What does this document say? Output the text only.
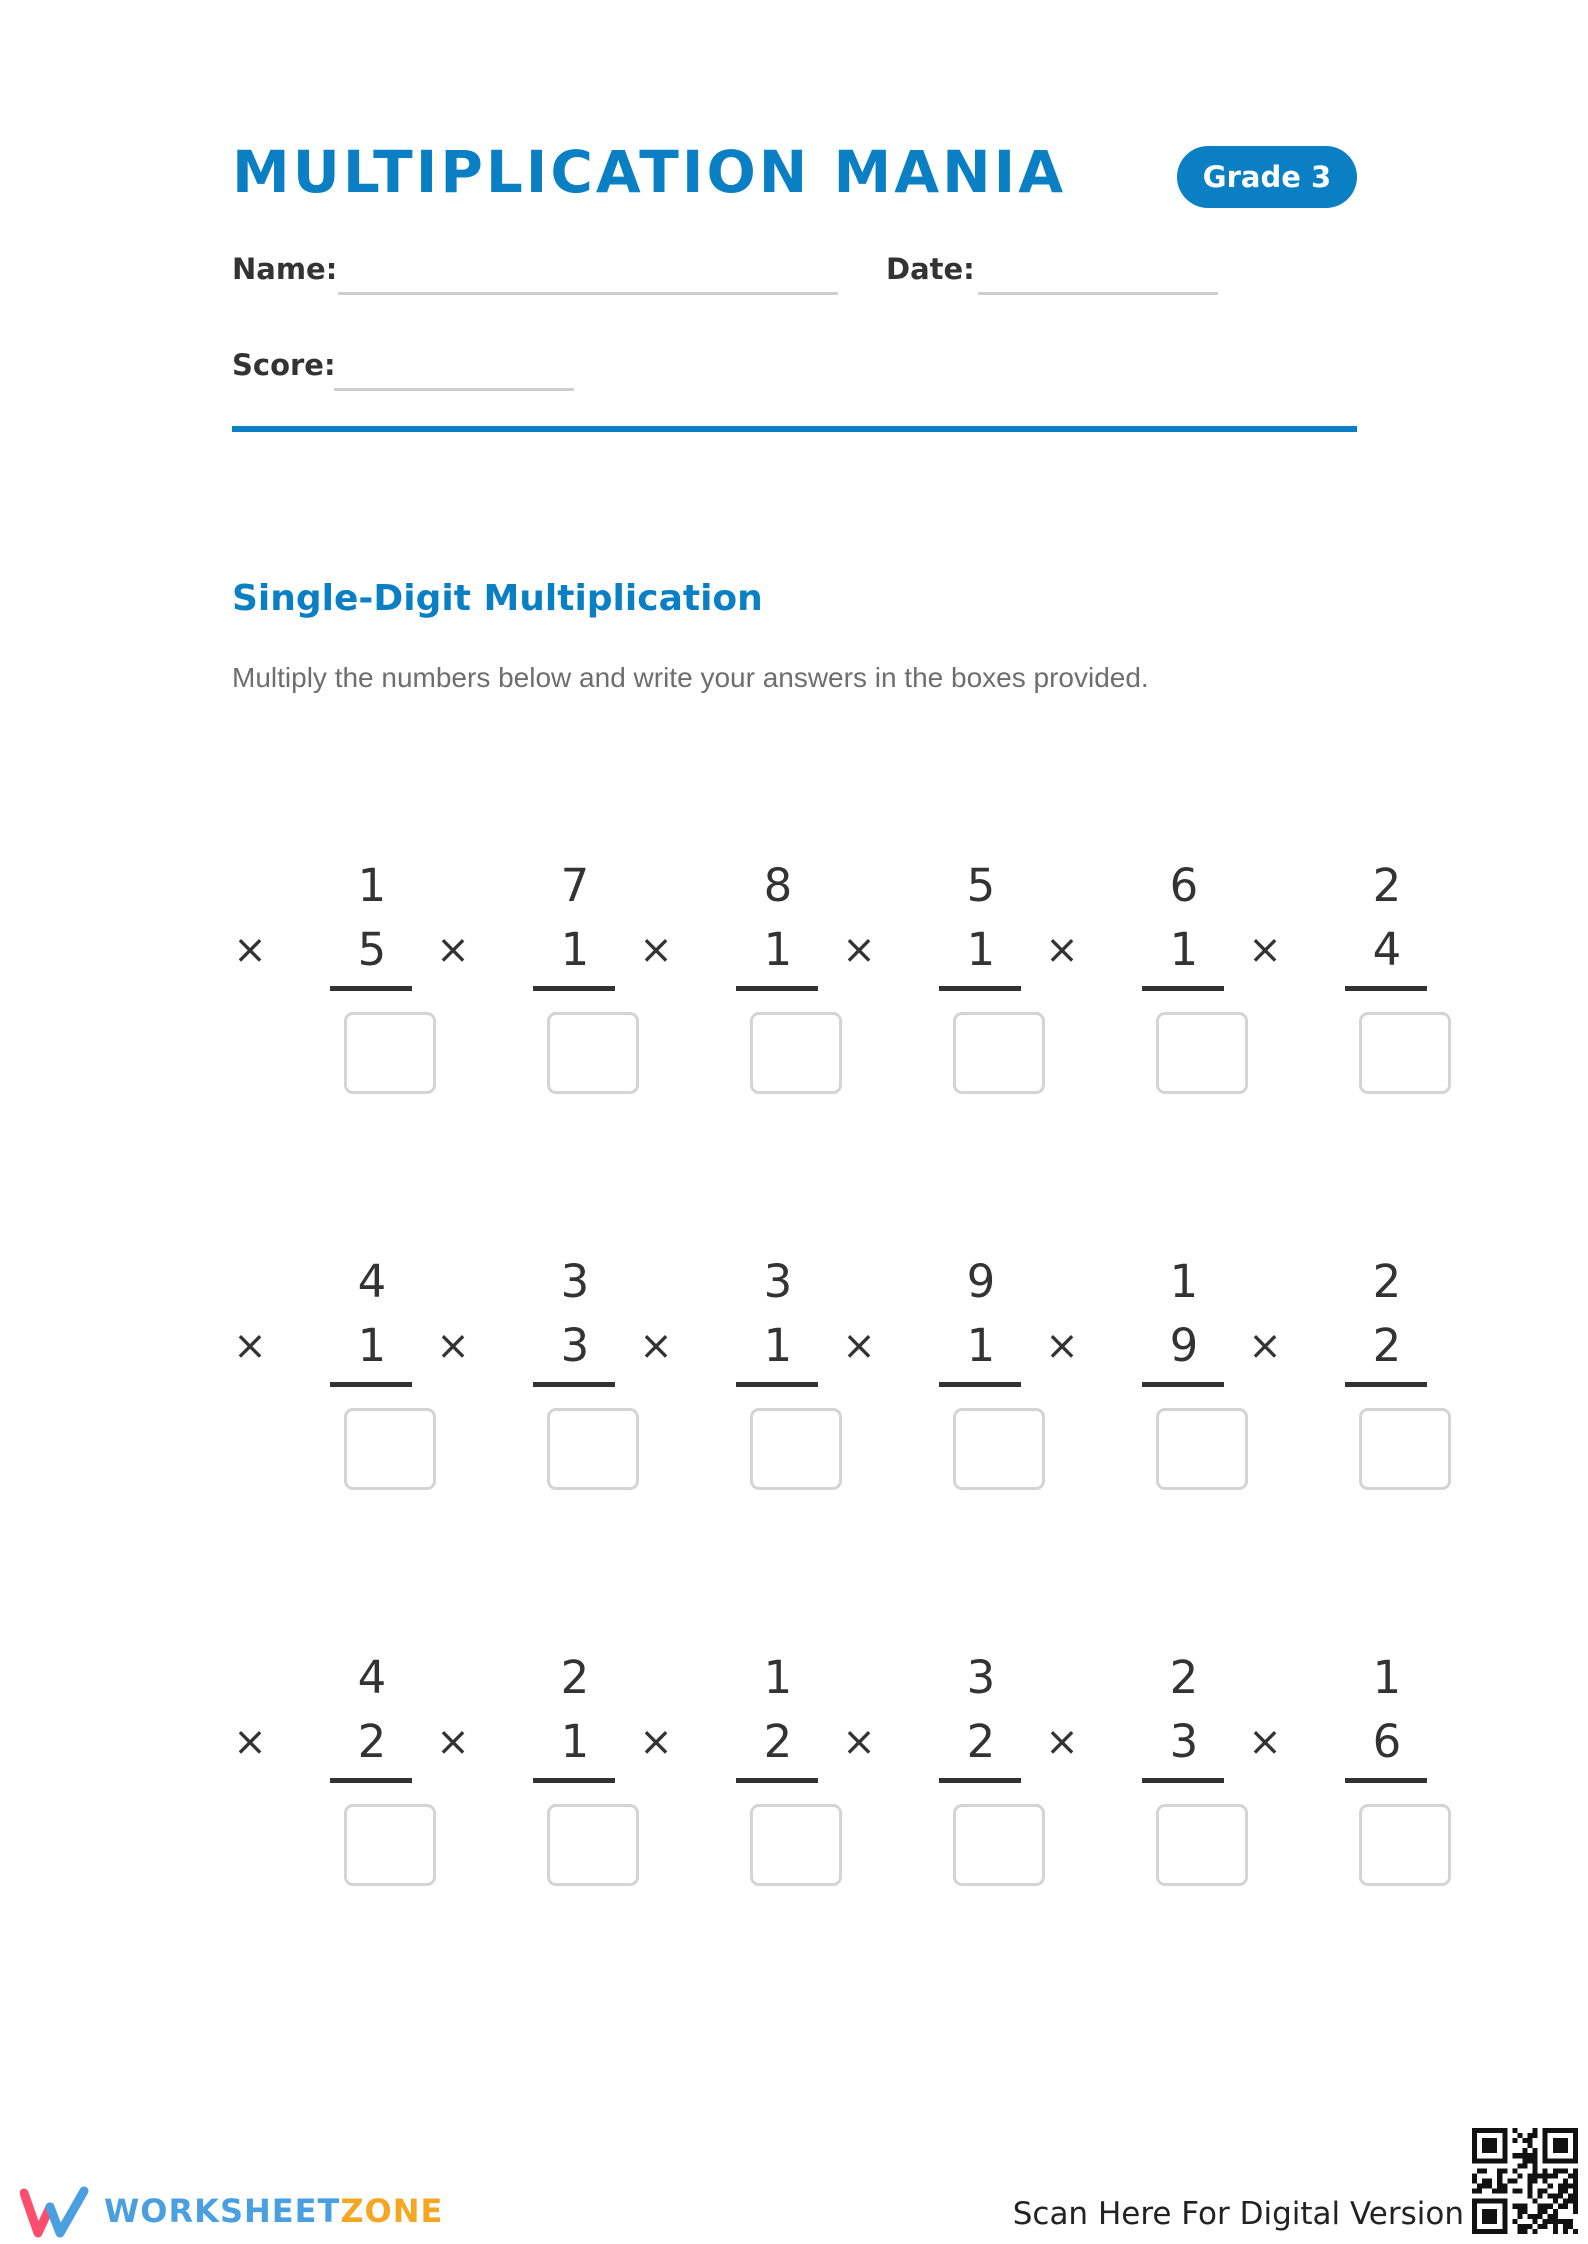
MULTIPLICATION MANIA	Grade 3
Name:	Date:
Score:
Single-Digit Multiplication
Multiply the numbers below and write your answers in the boxes provided.
1
×	5
7
×	1
8
×	1
5
×	1
6
×	1
2
×	4
4
×	1
3
×	3
3
×	1
9
×	1
1
×	9
2
×	2
4
×	2
2
×	1
1
×	2
3
×	2
2
×	3
1
×	6
WORKSHEETZONE	Scan Here For Digital Version
